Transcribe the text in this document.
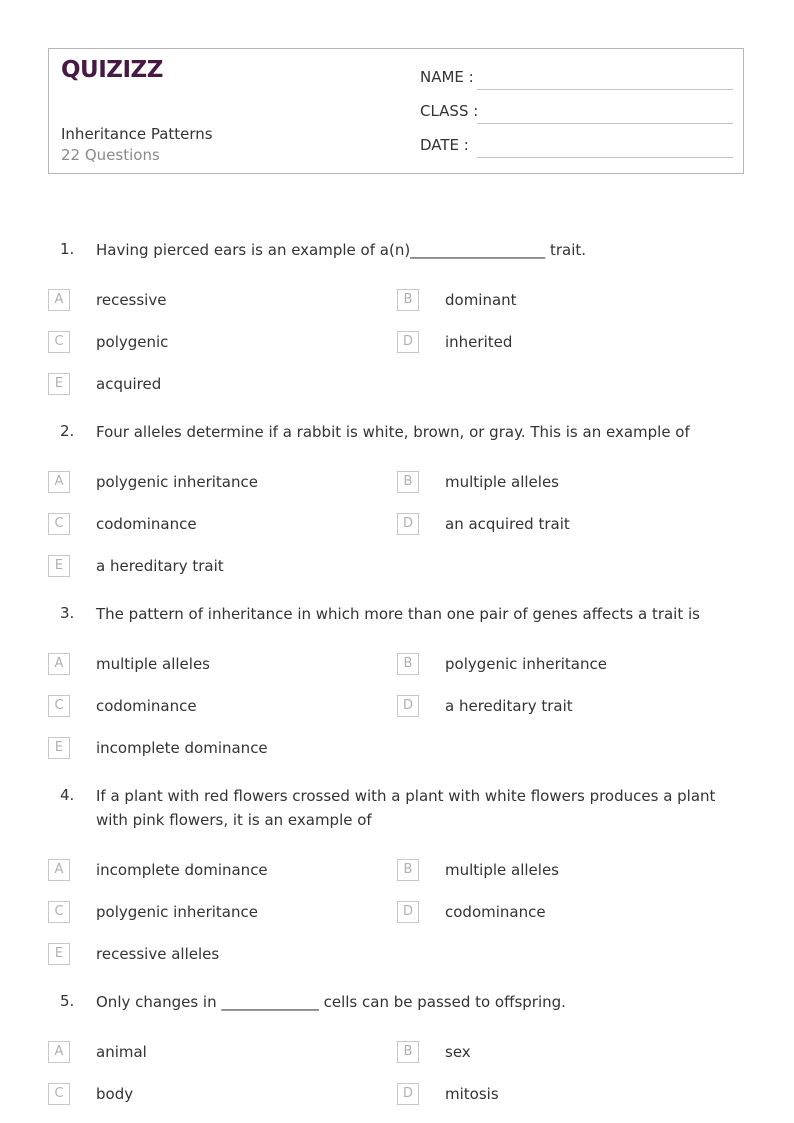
QUIZIZZ
Inheritance Patterns
22 Questions
NAME :
CLASS :
DATE :
1. Having pierced ears is an example of a(n)__________________ trait.
A	recessive	B	dominant
C	polygenic	D	inherited
E	acquired
2. Four alleles determine if a rabbit is white, brown, or gray. This is an example of
A	polygenic inheritance	B	multiple alleles
C	codominance	D	an acquired trait
E	a hereditary trait
3. The pattern of inheritance in which more than one pair of genes affects a trait is
A	multiple alleles	B	polygenic inheritance
C	codominance	D	a hereditary trait
E	incomplete dominance
4. If a plant with red flowers crossed with a plant with white flowers produces a plant with pink flowers, it is an example of
A	incomplete dominance	B	multiple alleles
C	polygenic inheritance	D	codominance
E	recessive alleles
5. Only changes in _____________ cells can be passed to offspring.
A	animal	B	sex
C	body	D	mitosis
